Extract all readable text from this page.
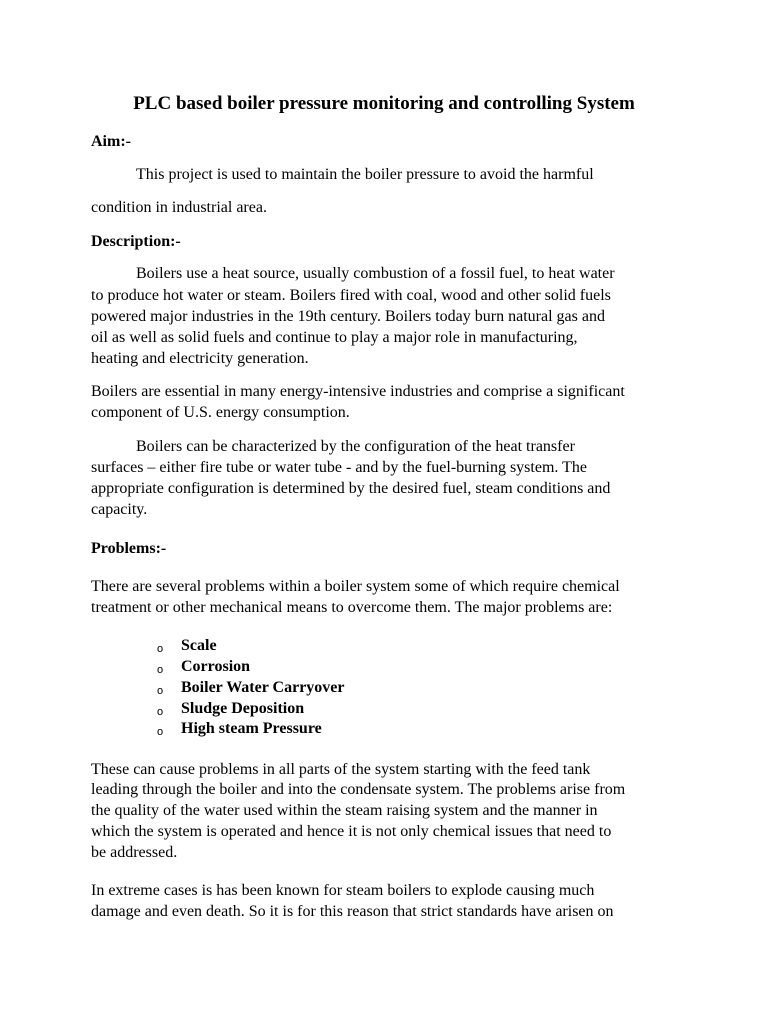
PLC based boiler pressure monitoring and controlling System
Aim:-
This project is used to maintain the boiler pressure to avoid the harmful
condition in industrial area.
Description:-
Boilers use a heat source, usually combustion of a fossil fuel, to heat water
to produce hot water or steam. Boilers fired with coal, wood and other solid fuels
powered major industries in the 19th century. Boilers today burn natural gas and
oil as well as solid fuels and continue to play a major role in manufacturing,
heating and electricity generation.
Boilers are essential in many energy-intensive industries and comprise a significant
component of U.S. energy consumption.
Boilers can be characterized by the configuration of the heat transfer
surfaces – either fire tube or water tube - and by the fuel-burning system. The
appropriate configuration is determined by the desired fuel, steam conditions and
capacity.
Problems:-
There are several problems within a boiler system some of which require chemical
treatment or other mechanical means to overcome them. The major problems are:
o Scale
o Corrosion
o Boiler Water Carryover
o Sludge Deposition
o High steam Pressure
These can cause problems in all parts of the system starting with the feed tank
leading through the boiler and into the condensate system. The problems arise from
the quality of the water used within the steam raising system and the manner in
which the system is operated and hence it is not only chemical issues that need to
be addressed.
In extreme cases is has been known for steam boilers to explode causing much
damage and even death. So it is for this reason that strict standards have arisen on
